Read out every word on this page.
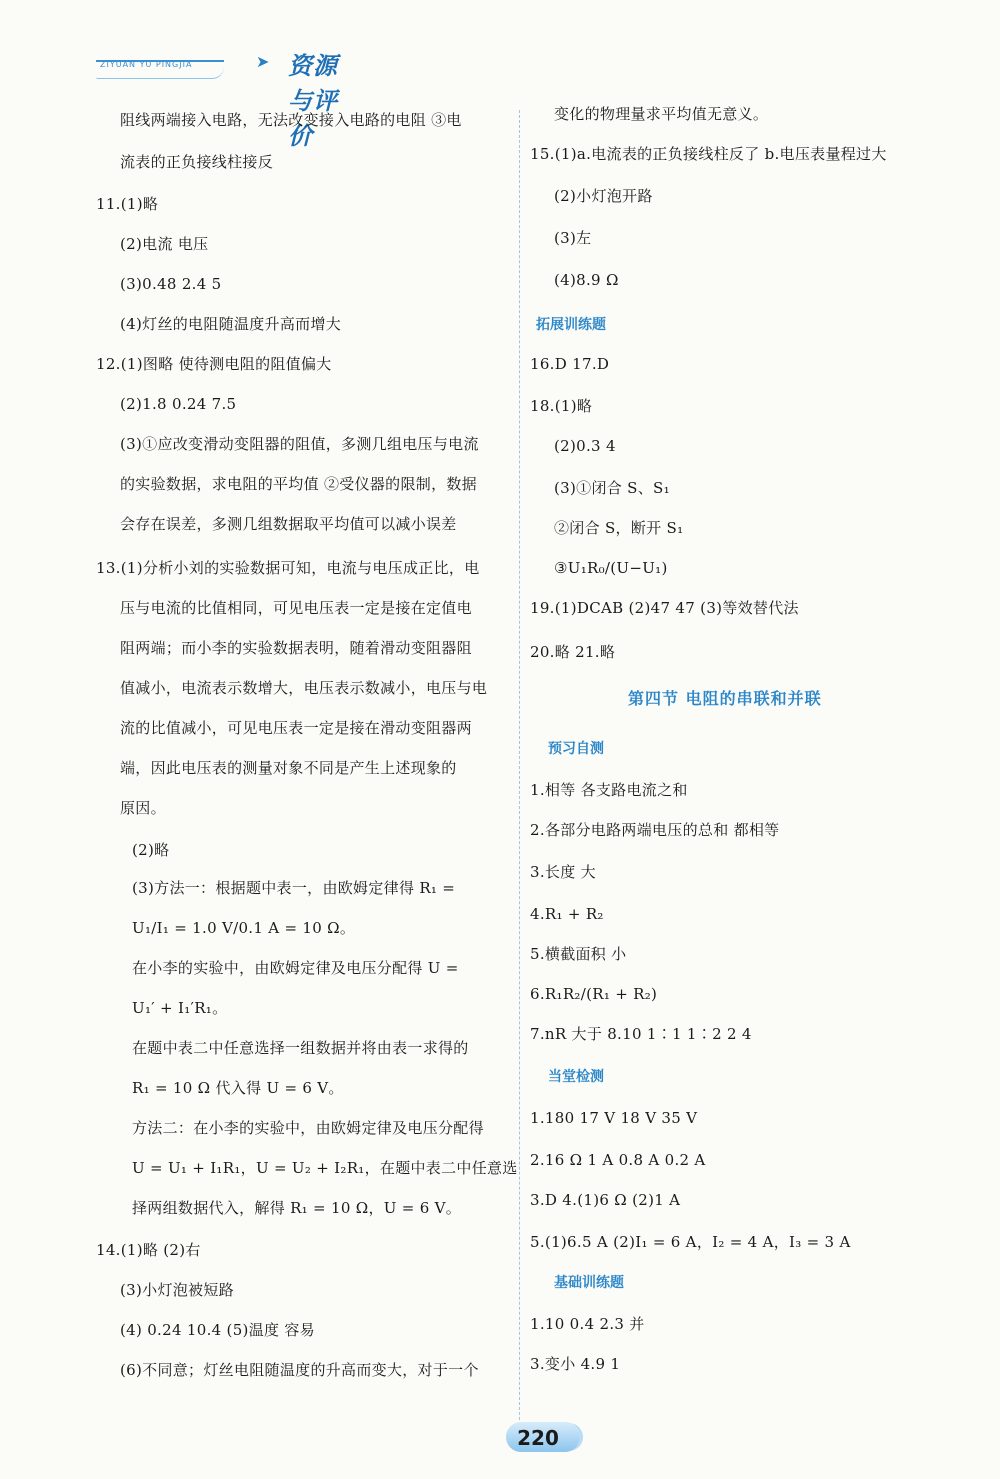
ZIYUAN YU PINGJIA	➤ 资源与评价
阻线两端接入电路，无法改变接入电路的电阻 ③电
流表的正负接线柱接反
11.(1)略
(2)电流 电压
(3)0.48 2.4 5
(4)灯丝的电阻随温度升高而增大
12.(1)图略 使待测电阻的阻值偏大
(2)1.8 0.24 7.5
(3)①应改变滑动变阻器的阻值，多测几组电压与电流
的实验数据，求电阻的平均值 ②受仪器的限制，数据
会存在误差，多测几组数据取平均值可以减小误差
13.(1)分析小刘的实验数据可知，电流与电压成正比，电
压与电流的比值相同，可见电压表一定是接在定值电
阻两端；而小李的实验数据表明，随着滑动变阻器阻
值减小，电流表示数增大，电压表示数减小，电压与电
流的比值减小，可见电压表一定是接在滑动变阻器两
端，因此电压表的测量对象不同是产生上述现象的
原因。
(2)略
(3)方法一：根据题中表一，由欧姆定律得 R₁ =
U₁/I₁ = 1.0 V/0.1 A = 10 Ω。
在小李的实验中，由欧姆定律及电压分配得 U =
U₁′ + I₁′R₁。
在题中表二中任意选择一组数据并将由表一求得的
R₁ = 10 Ω 代入得 U = 6 V。
方法二：在小李的实验中，由欧姆定律及电压分配得
U = U₁ + I₁R₁，U = U₂ + I₂R₁，在题中表二中任意选
择两组数据代入，解得 R₁ = 10 Ω，U = 6 V。
14.(1)略 (2)右
(3)小灯泡被短路
(4) 0.24 10.4 (5)温度 容易
(6)不同意；灯丝电阻随温度的升高而变大，对于一个
拓展训练题
第四节 电阻的串联和并联
预习自测
当堂检测
基础训练题
变化的物理量求平均值无意义。
15.(1)a.电流表的正负接线柱反了 b.电压表量程过大
(2)小灯泡开路
(3)左
(4)8.9 Ω
16.D 17.D
18.(1)略
(2)0.3 4
(3)①闭合 S、S₁
②闭合 S，断开 S₁
③U₁R₀/(U−U₁)
19.(1)DCAB (2)47 47 (3)等效替代法
20.略 21.略
1.相等 各支路电流之和
2.各部分电路两端电压的总和 都相等
3.长度 大
4.R₁ + R₂
5.横截面积 小
6.R₁R₂/(R₁ + R₂)
7.nR 大于 8.10 1∶1 1∶2 2 4
1.180 17 V 18 V 35 V
2.16 Ω 1 A 0.8 A 0.2 A
3.D 4.(1)6 Ω (2)1 A
5.(1)6.5 A (2)I₁ = 6 A，I₂ = 4 A，I₃ = 3 A
1.10 0.4 2.3 并
3.变小 4.9 1
220
